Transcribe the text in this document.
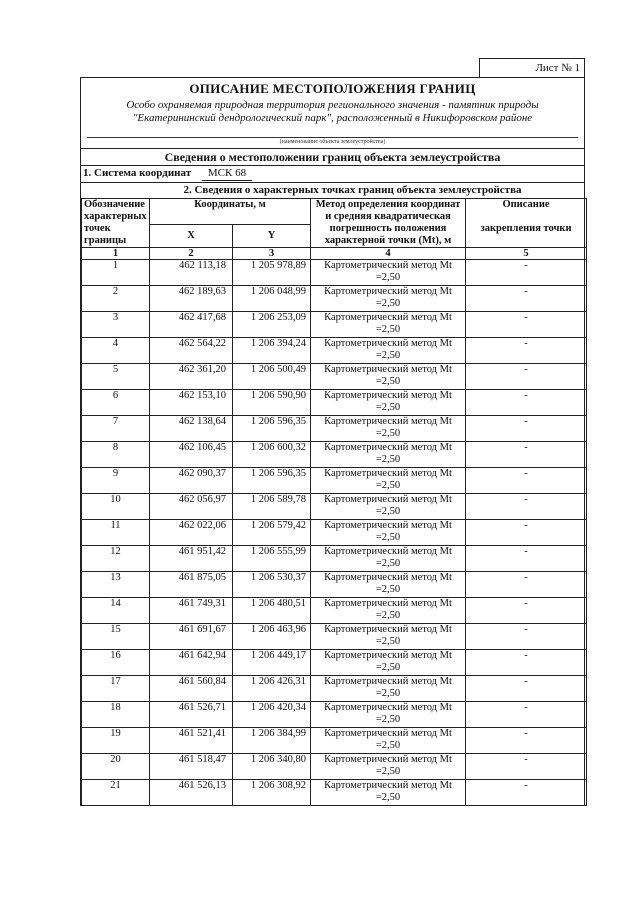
Лист № 1
ОПИСАНИЕ МЕСТОПОЛОЖЕНИЯ ГРАНИЦ
Особо охраняемая природная территория регионального значения - памятник природы
"Екатерининский дендрологический парк", расположенный в Никифоровском районе
(наименование объекта землеустройства)
Сведения о местоположении границ объекта землеустройства
1. Система координат МСК 68
2. Сведения о характерных точках границ объекта землеустройства
Обозначение характерных точек границы	Координаты, м		Метод определения координат и средняя квадратическая погрешность положения характерной точки (Мt), м	Описание
закрепления точки

	X	Y		
1	2	3	4	5
1	462 113,18	1 205 978,89	Картометрический метод Mt
=2,50	-
2	462 189,63	1 206 048,99	Картометрический метод Mt
=2,50	-
3	462 417,68	1 206 253,09	Картометрический метод Mt
=2,50	-
4	462 564,22	1 206 394,24	Картометрический метод Mt
=2,50	-
5	462 361,20	1 206 500,49	Картометрический метод Mt
=2,50	-
6	462 153,10	1 206 590,90	Картометрический метод Mt
=2,50	-
7	462 138,64	1 206 596,35	Картометрический метод Mt
=2,50	-
8	462 106,45	1 206 600,32	Картометрический метод Mt
=2,50	-
9	462 090,37	1 206 596,35	Картометрический метод Mt
=2,50	-
10	462 056,97	1 206 589,78	Картометрический метод Mt
=2,50	-
11	462 022,06	1 206 579,42	Картометрический метод Mt
=2,50	-
12	461 951,42	1 206 555,99	Картометрический метод Mt
=2,50	-
13	461 875,05	1 206 530,37	Картометрический метод Mt
=2,50	-
14	461 749,31	1 206 480,51	Картометрический метод Mt
=2,50	-
15	461 691,67	1 206 463,96	Картометрический метод Mt
=2,50	-
16	461 642,94	1 206 449,17	Картометрический метод Mt
=2,50	-
17	461 560,84	1 206 426,31	Картометрический метод Mt
=2,50	-
18	461 526,71	1 206 420,34	Картометрический метод Mt
=2,50	-
19	461 521,41	1 206 384,99	Картометрический метод Mt
=2,50	-
20	461 518,47	1 206 340,80	Картометрический метод Mt
=2,50	-
21	461 526,13	1 206 308,92	Картометрический метод Mt
=2,50	-
